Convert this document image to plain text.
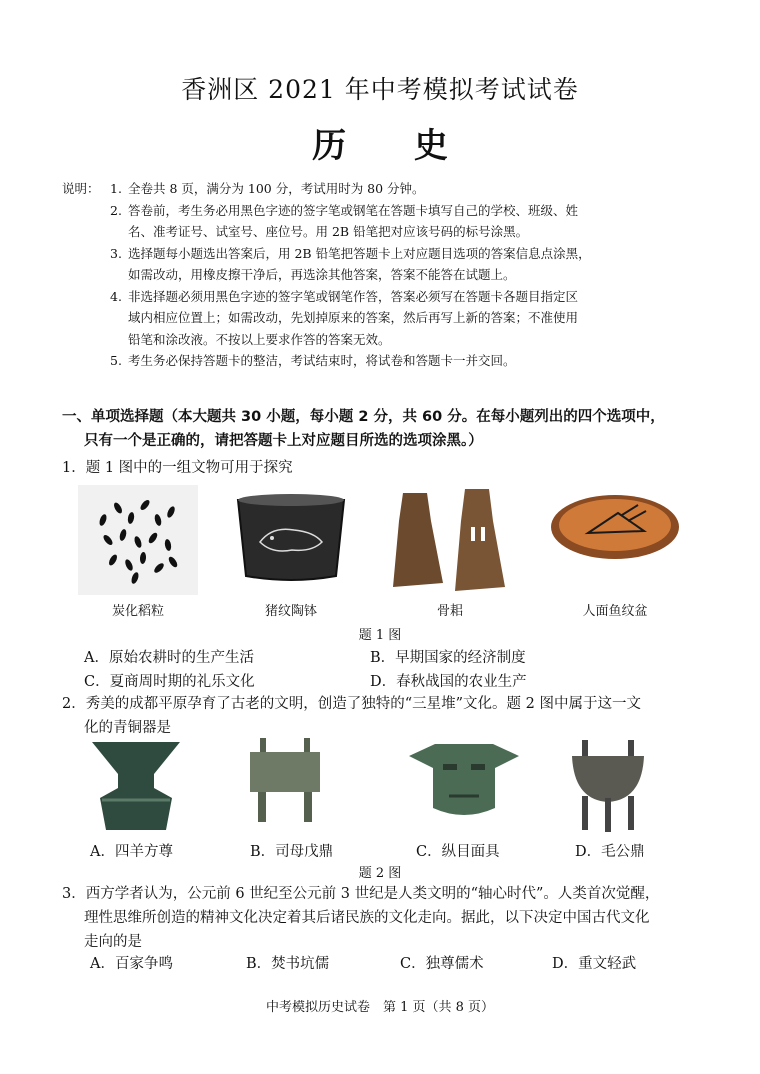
香洲区 2021 年中考模拟考试试卷
历 史
说明： 1. 全卷共 8 页，满分为 100 分，考试用时为 80 分钟。
2. 答卷前，考生务必用黑色字迹的签字笔或钢笔在答题卡填写自己的学校、班级、姓
名、准考证号、试室号、座位号。用 2B 铅笔把对应该号码的标号涂黑。
3. 选择题每小题选出答案后，用 2B 铅笔把答题卡上对应题目选项的答案信息点涂黑，
如需改动，用橡皮擦干净后，再选涂其他答案，答案不能答在试题上。
4. 非选择题必须用黑色字迹的签字笔或钢笔作答，答案必须写在答题卡各题目指定区
域内相应位置上；如需改动，先划掉原来的答案，然后再写上新的答案；不准使用
铅笔和涂改液。不按以上要求作答的答案无效。
5. 考生务必保持答题卡的整洁，考试结束时，将试卷和答题卡一并交回。
一、单项选择题（本大题共 30 小题，每小题 2 分，共 60 分。在每小题列出的四个选项中，
只有一个是正确的，请把答题卡上对应题目所选的选项涂黑。）
1．题 1 图中的一组文物可用于探究
炭化稻粒	猪纹陶钵	骨耜	人面鱼纹盆
题 1 图
A．原始农耕时的生产生活	B．早期国家的经济制度
C．夏商周时期的礼乐文化	D．春秋战国的农业生产
2．秀美的成都平原孕育了古老的文明，创造了独特的“三星堆”文化。题 2 图中属于这一文
化的青铜器是
A．四羊方尊	B．司母戊鼎	C．纵目面具	D．毛公鼎
题 2 图
3．西方学者认为，公元前 6 世纪至公元前 3 世纪是人类文明的“轴心时代”。人类首次觉醒，
理性思维所创造的精神文化决定着其后诸民族的文化走向。据此，以下决定中国古代文化
走向的是
A．百家争鸣	B．焚书坑儒	C．独尊儒术	D．重文轻武
中考模拟历史试卷　第 1 页（共 8 页）
